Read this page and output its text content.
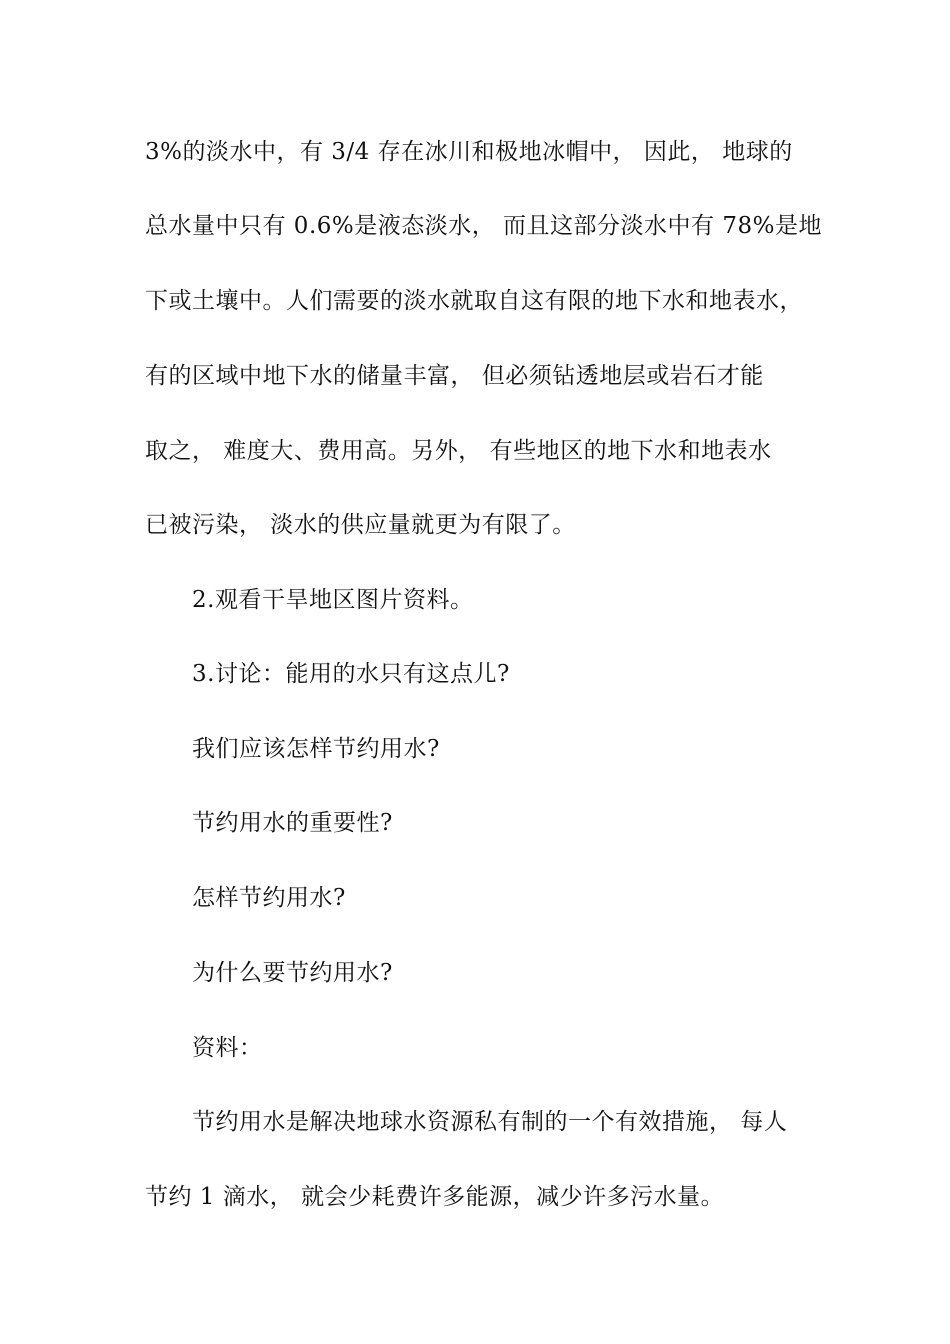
3%的淡水中，有 3/4 存在冰川和极地冰帽中， 因此， 地球的
总水量中只有 0.6%是液态淡水， 而且这部分淡水中有 78%是地
下或土壤中。人们需要的淡水就取自这有限的地下水和地表水，
有的区域中地下水的储量丰富， 但必须钻透地层或岩石才能
取之， 难度大、费用高。另外， 有些地区的地下水和地表水
已被污染， 淡水的供应量就更为有限了。
2.观看干旱地区图片资料。
3.讨论：能用的水只有这点儿?
我们应该怎样节约用水?
节约用水的重要性?
怎样节约用水?
为什么要节约用水?
资料：
节约用水是解决地球水资源私有制的一个有效措施， 每人
节约 1 滴水， 就会少耗费许多能源，减少许多污水量。
